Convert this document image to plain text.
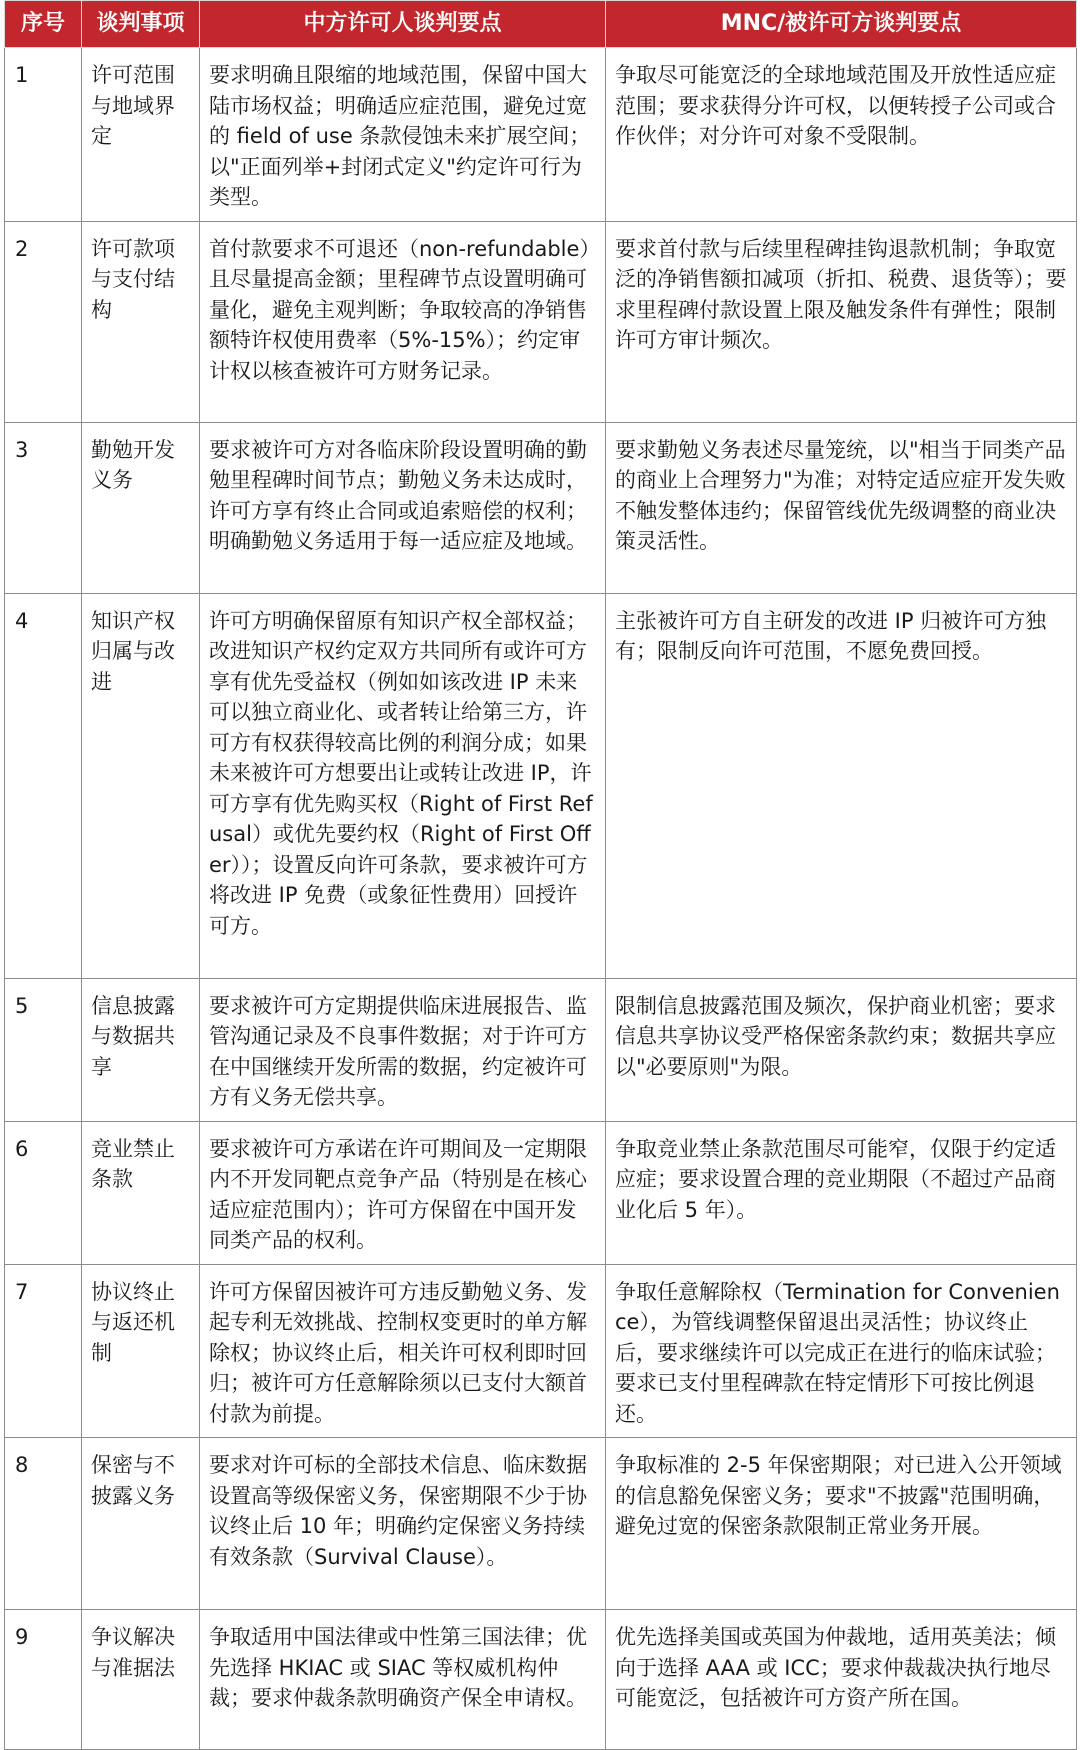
序号	谈判事项	中方许可人谈判要点	MNC/被许可方谈判要点
1	许可范围与地域界定	要求明确且限缩的地域范围，保留中国大陆市场权益；明确适应症范围，避免过宽的 field of use 条款侵蚀未来扩展空间；以"正面列举+封闭式定义"约定许可行为类型。	争取尽可能宽泛的全球地域范围及开放性适应症范围；要求获得分许可权，以便转授子公司或合作伙伴；对分许可对象不受限制。
2	许可款项与支付结构	首付款要求不可退还（non-refundable）且尽量提高金额；里程碑节点设置明确可量化，避免主观判断；争取较高的净销售额特许权使用费率（5%-15%）；约定审计权以核查被许可方财务记录。	要求首付款与后续里程碑挂钩退款机制；争取宽泛的净销售额扣减项（折扣、税费、退货等）；要求里程碑付款设置上限及触发条件有弹性；限制许可方审计频次。
3	勤勉开发义务	要求被许可方对各临床阶段设置明确的勤勉里程碑时间节点；勤勉义务未达成时，许可方享有终止合同或追索赔偿的权利；明确勤勉义务适用于每一适应症及地域。	要求勤勉义务表述尽量笼统，以"相当于同类产品的商业上合理努力"为准；对特定适应症开发失败不触发整体违约；保留管线优先级调整的商业决策灵活性。
4	知识产权归属与改进	许可方明确保留原有知识产权全部权益；改进知识产权约定双方共同所有或许可方享有优先受益权（例如如该改进 IP 未来可以独立商业化、或者转让给第三方，许可方有权获得较高比例的利润分成；如果未来被许可方想要出让或转让改进 IP，许可方享有优先购买权（Right of First Refusal）或优先要约权（Right of First Offer））；设置反向许可条款，要求被许可方将改进 IP 免费（或象征性费用）回授许可方。	主张被许可方自主研发的改进 IP 归被许可方独有；限制反向许可范围，不愿免费回授。
5	信息披露与数据共享	要求被许可方定期提供临床进展报告、监管沟通记录及不良事件数据；对于许可方在中国继续开发所需的数据，约定被许可方有义务无偿共享。	限制信息披露范围及频次，保护商业机密；要求信息共享协议受严格保密条款约束；数据共享应以"必要原则"为限。
6	竞业禁止条款	要求被许可方承诺在许可期间及一定期限内不开发同靶点竞争产品（特别是在核心适应症范围内）；许可方保留在中国开发同类产品的权利。	争取竞业禁止条款范围尽可能窄，仅限于约定适应症；要求设置合理的竞业期限（不超过产品商业化后 5 年）。
7	协议终止与返还机制	许可方保留因被许可方违反勤勉义务、发起专利无效挑战、控制权变更时的单方解除权；协议终止后，相关许可权利即时回归；被许可方任意解除须以已支付大额首付款为前提。	争取任意解除权（Termination for Convenience），为管线调整保留退出灵活性；协议终止后，要求继续许可以完成正在进行的临床试验；要求已支付里程碑款在特定情形下可按比例退还。
8	保密与不披露义务	要求对许可标的全部技术信息、临床数据设置高等级保密义务，保密期限不少于协议终止后 10 年；明确约定保密义务持续有效条款（Survival Clause）。	争取标准的 2-5 年保密期限；对已进入公开领域的信息豁免保密义务；要求"不披露"范围明确，避免过宽的保密条款限制正常业务开展。
9	争议解决与准据法	争取适用中国法律或中性第三国法律；优先选择 HKIAC 或 SIAC 等权威机构仲裁；要求仲裁条款明确资产保全申请权。	优先选择美国或英国为仲裁地，适用英美法；倾向于选择 AAA 或 ICC；要求仲裁裁决执行地尽可能宽泛，包括被许可方资产所在国。
